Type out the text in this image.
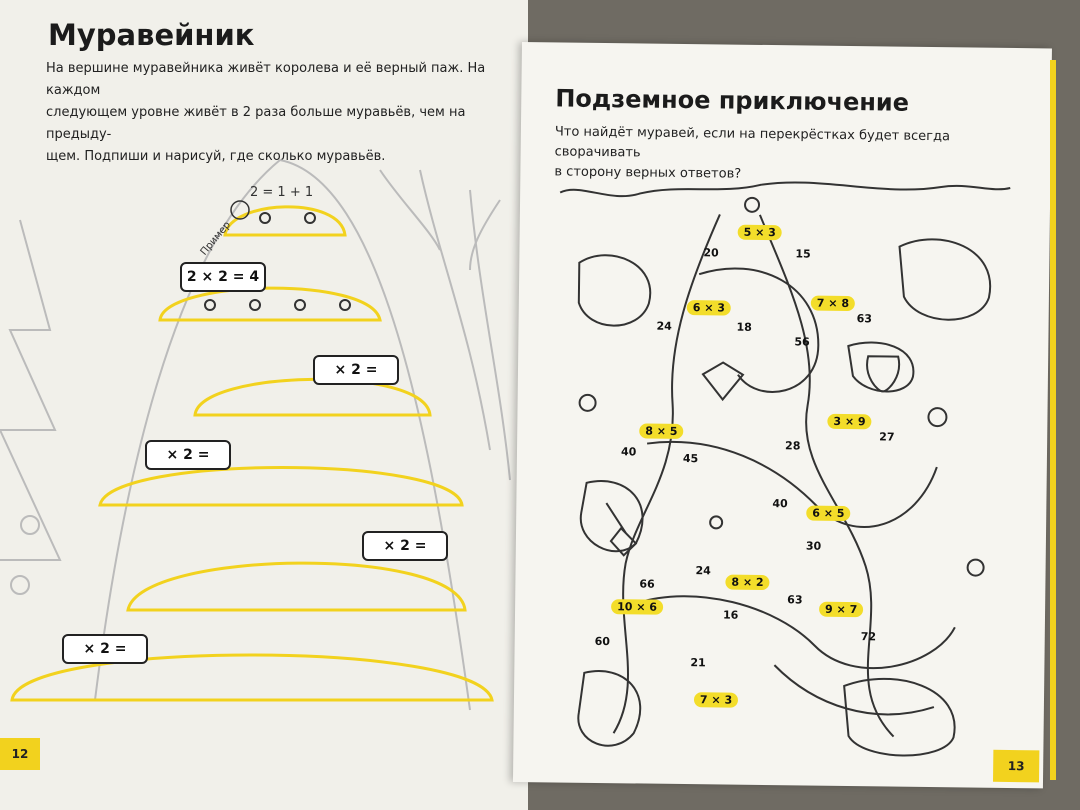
Муравейник
На вершине муравейника живёт королева и её верный паж. На каждом
следующем уровне живёт в 2 раза больше муравьёв, чем на предыду-
щем. Подпиши и нарисуй, где сколько муравьёв.
Пример
2 = 1 + 1
2 × 2 = 4
× 2 =
× 2 =
× 2 =
× 2 =
12
Подземное приключение
Что найдёт муравей, если на перекрёстках будет всегда сворачивать
в сторону верных ответов?
5 × 3
6 × 3	7 × 8
3 × 9
8 × 5
6 × 5
8 × 2
10 × 6	9 × 7
7 × 3
20	15
24	18
56
63
28
27
40
45
40
30
24
66
16
63
60	72
21
13
